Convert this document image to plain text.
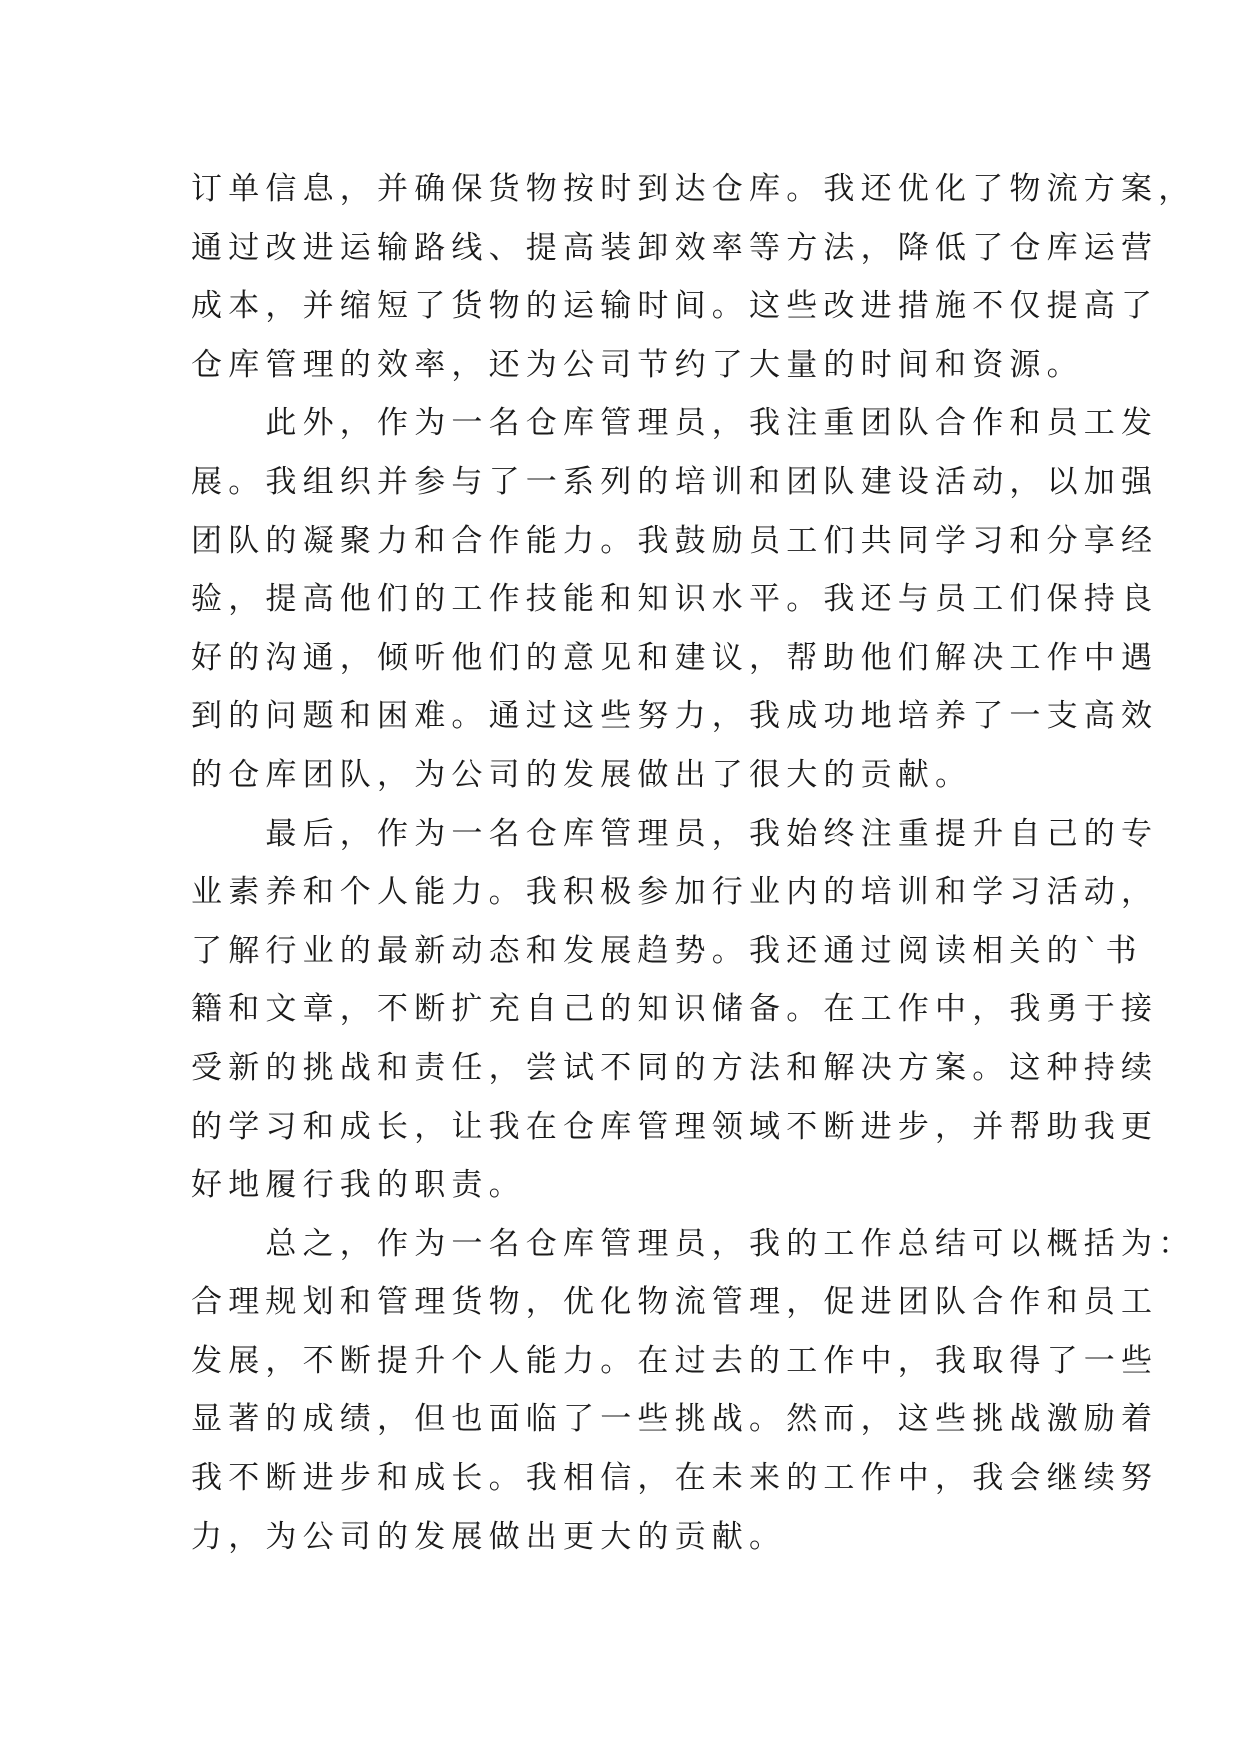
订单信息，并确保货物按时到达仓库。我还优化了物流方案，

通过改进运输路线、提高装卸效率等方法，降低了仓库运营

成本，并缩短了货物的运输时间。这些改进措施不仅提高了

仓库管理的效率，还为公司节约了大量的时间和资源。

　　此外，作为一名仓库管理员，我注重团队合作和员工发

展。我组织并参与了一系列的培训和团队建设活动，以加强

团队的凝聚力和合作能力。我鼓励员工们共同学习和分享经

验，提高他们的工作技能和知识水平。我还与员工们保持良

好的沟通，倾听他们的意见和建议，帮助他们解决工作中遇

到的问题和困难。通过这些努力，我成功地培养了一支高效

的仓库团队，为公司的发展做出了很大的贡献。

　　最后，作为一名仓库管理员，我始终注重提升自己的专

业素养和个人能力。我积极参加行业内的培训和学习活动，

了解行业的最新动态和发展趋势。我还通过阅读相关的`书

籍和文章，不断扩充自己的知识储备。在工作中，我勇于接

受新的挑战和责任，尝试不同的方法和解决方案。这种持续

的学习和成长，让我在仓库管理领域不断进步，并帮助我更

好地履行我的职责。

　　总之，作为一名仓库管理员，我的工作总结可以概括为：

合理规划和管理货物，优化物流管理，促进团队合作和员工

发展，不断提升个人能力。在过去的工作中，我取得了一些

显著的成绩，但也面临了一些挑战。然而，这些挑战激励着

我不断进步和成长。我相信，在未来的工作中，我会继续努

力，为公司的发展做出更大的贡献。
